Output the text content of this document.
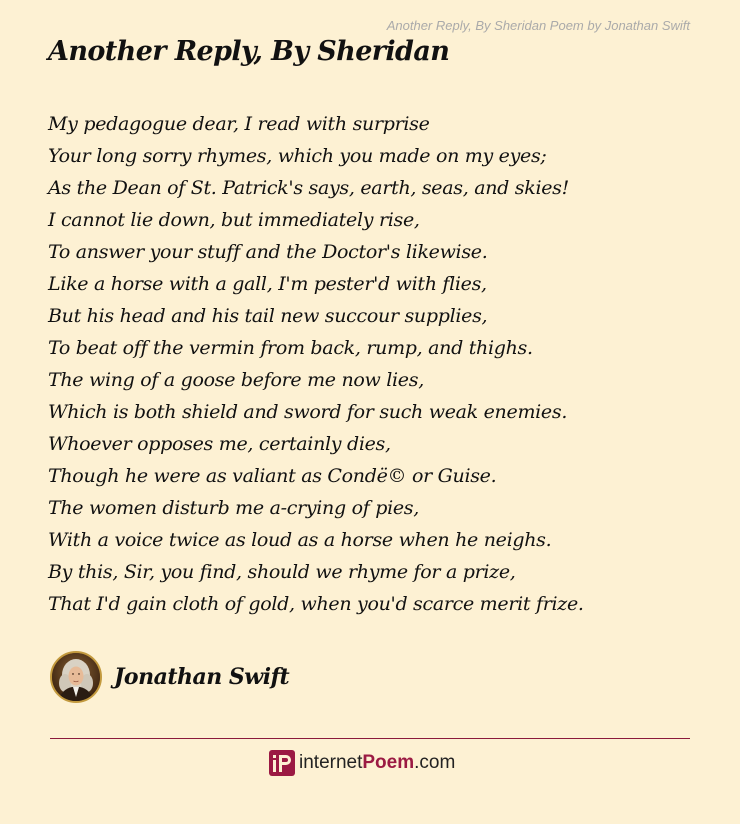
Another Reply, By Sheridan Poem by Jonathan Swift
Another Reply, By Sheridan
My pedagogue dear, I read with surprise
Your long sorry rhymes, which you made on my eyes;
As the Dean of St. Patrick's says, earth, seas, and skies!
I cannot lie down, but immediately rise,
To answer your stuff and the Doctor's likewise.
Like a horse with a gall, I'm pester'd with flies,
But his head and his tail new succour supplies,
To beat off the vermin from back, rump, and thighs.
The wing of a goose before me now lies,
Which is both shield and sword for such weak enemies.
Whoever opposes me, certainly dies,
Though he were as valiant as Condë© or Guise.
The women disturb me a-crying of pies,
With a voice twice as loud as a horse when he neighs.
By this, Sir, you find, should we rhyme for a prize,
That I'd gain cloth of gold, when you'd scarce merit frize.
Jonathan Swift
internetPoem.com
